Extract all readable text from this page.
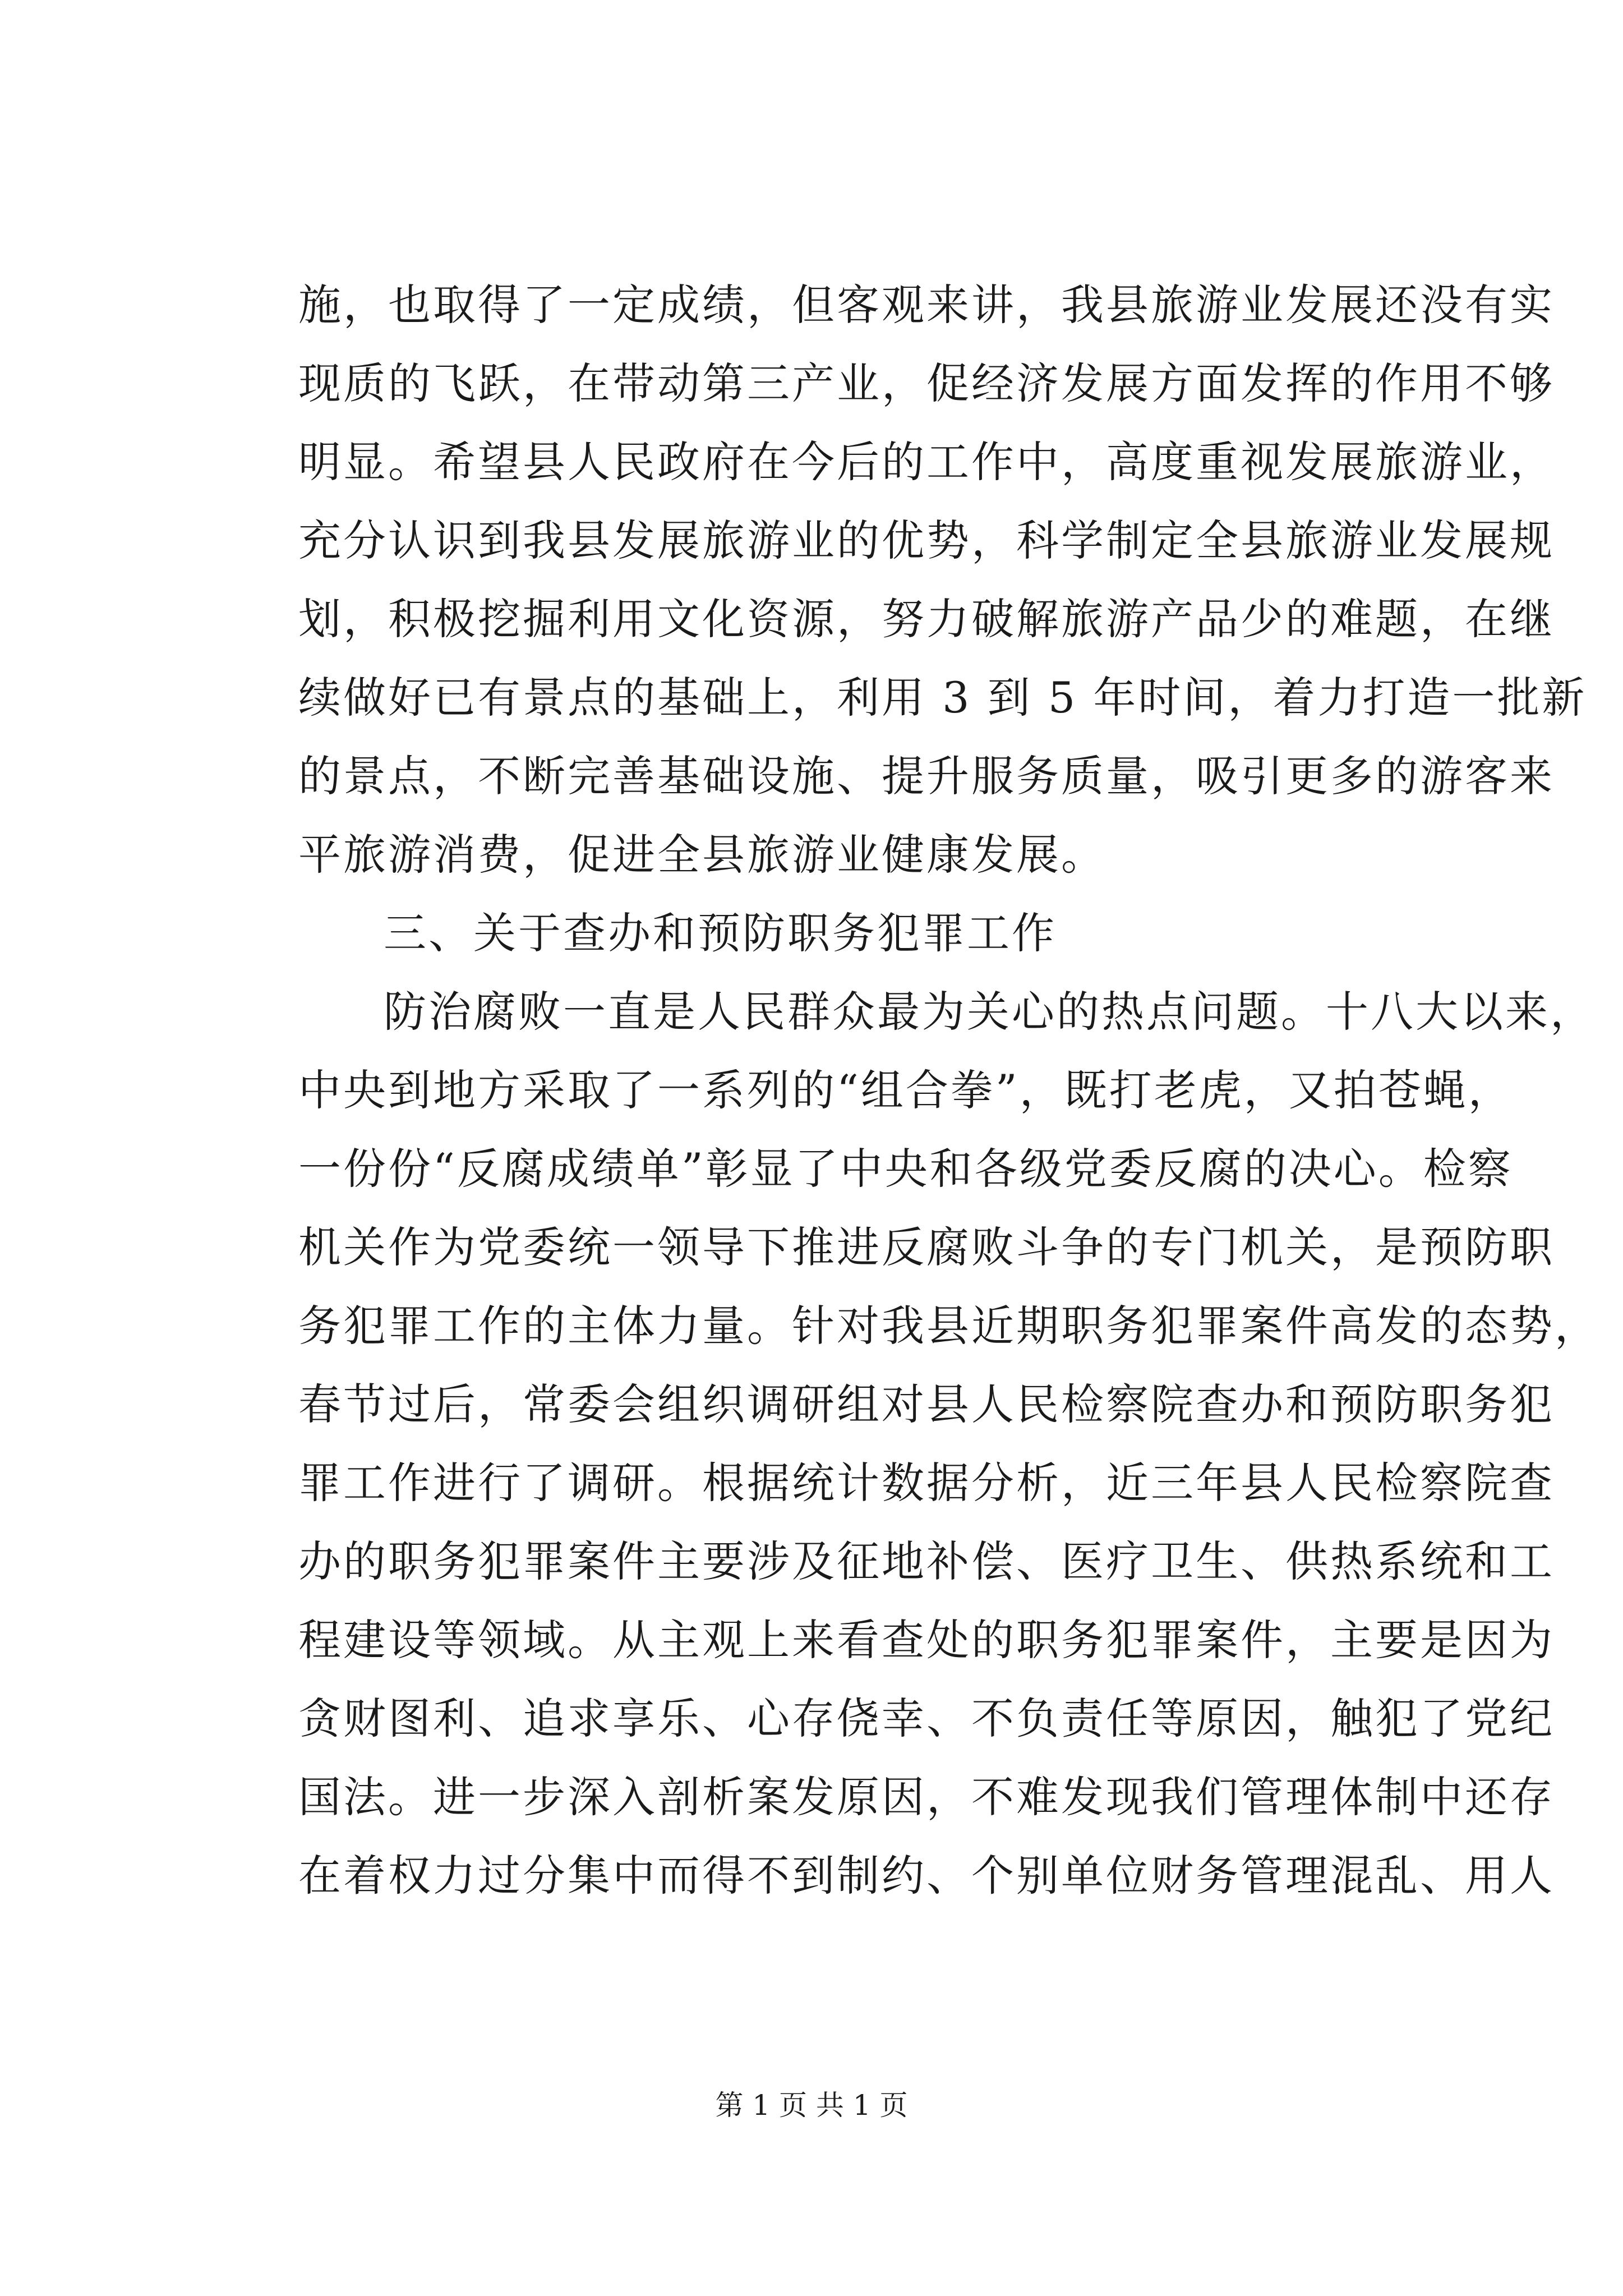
施，也取得了一定成绩，但客观来讲，我县旅游业发展还没有实
现质的飞跃，在带动第三产业，促经济发展方面发挥的作用不够
明显。希望县人民政府在今后的工作中，高度重视发展旅游业，
充分认识到我县发展旅游业的优势，科学制定全县旅游业发展规
划，积极挖掘利用文化资源，努力破解旅游产品少的难题，在继
续做好已有景点的基础上，利用 3 到 5 年时间，着力打造一批新
的景点，不断完善基础设施、提升服务质量，吸引更多的游客来
平旅游消费，促进全县旅游业健康发展。
三、关于查办和预防职务犯罪工作
防治腐败一直是人民群众最为关心的热点问题。十八大以来，
中央到地方采取了一系列的“组合拳”，既打老虎，又拍苍蝇，
一份份“反腐成绩单”彰显了中央和各级党委反腐的决心。检察
机关作为党委统一领导下推进反腐败斗争的专门机关，是预防职
务犯罪工作的主体力量。针对我县近期职务犯罪案件高发的态势，
春节过后，常委会组织调研组对县人民检察院查办和预防职务犯
罪工作进行了调研。根据统计数据分析，近三年县人民检察院查
办的职务犯罪案件主要涉及征地补偿、医疗卫生、供热系统和工
程建设等领域。从主观上来看查处的职务犯罪案件，主要是因为
贪财图利、追求享乐、心存侥幸、不负责任等原因，触犯了党纪
国法。进一步深入剖析案发原因，不难发现我们管理体制中还存
在着权力过分集中而得不到制约、个别单位财务管理混乱、用人
第 1 页 共 1 页
